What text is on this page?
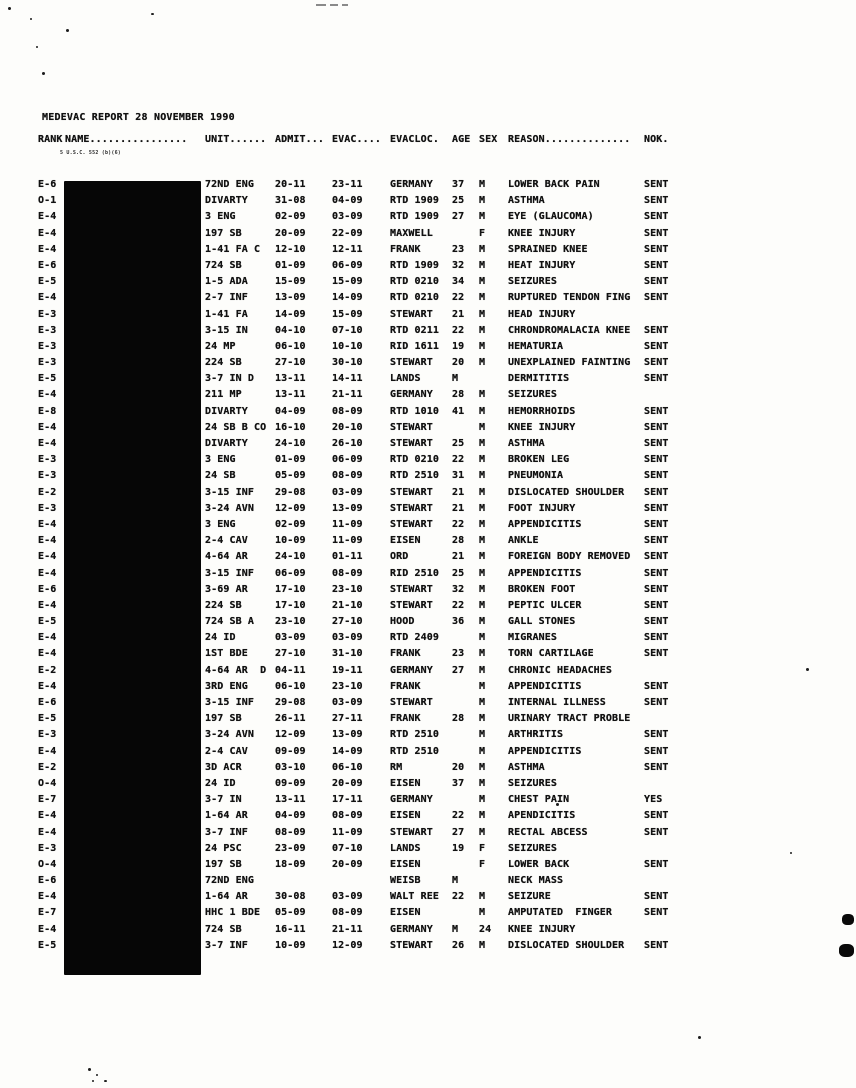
MEDEVAC REPORT 28 NOVEMBER 1990
RANK NAME................ UNIT...... ADMIT... EVAC.... EVACLOC. AGE SEX REASON.............. NOK.
5 U.S.C. 552 (b)(6)
E-6	72ND ENG 20-11	23-11	GERMANY 37 M LOWER BACK PAIN	SENT
O-1	DIVARTY	31-08	04-09	RTD 1909 25 M ASTHMA	SENT
E-4	3 ENG	02-09	03-09	RTD 1909 27 M EYE (GLAUCOMA)	SENT
E-4	197 SB	20-09	22-09	MAXWELL	F KNEE INJURY	SENT
E-4	1-41 FA C 12-10	12-11	FRANK	23 M SPRAINED KNEE	SENT
E-6	724 SB	01-09	06-09	RTD 1909 32 M HEAT INJURY	SENT
E-5	1-5 ADA	15-09	15-09	RTD 0210 34 M SEIZURES	SENT
E-4	2-7 INF	13-09	14-09	RTD 0210 22 M RUPTURED TENDON FING SENT
E-3	1-41 FA	14-09	15-09	STEWART 21 M HEAD INJURY
E-3	3-15 IN	04-10	07-10	RTD 0211 22 M CHRONDROMALACIA KNEE SENT
E-3	24 MP	06-10	10-10	RID 1611 19 M HEMATURIA	SENT
E-3	224 SB	27-10	30-10	STEWART 20 M UNEXPLAINED FAINTING SENT
E-5	3-7 IN D 13-11	14-11	LANDS	M	DERMITITIS	SENT
E-4	211 MP	13-11	21-11	GERMANY 28 M SEIZURES
E-8	DIVARTY	04-09	08-09	RTD 1010 41 M HEMORRHOIDS	SENT
E-4	24 SB B CO 16-10	20-10	STEWART	M KNEE INJURY	SENT
E-4	DIVARTY	24-10	26-10	STEWART 25 M ASTHMA	SENT
E-3	3 ENG	01-09	06-09	RTD 0210 22 M BROKEN LEG	SENT
E-3	24 SB	05-09	08-09	RTD 2510 31 M PNEUMONIA	SENT
E-2	3-15 INF 29-08	03-09	STEWART 21 M DISLOCATED SHOULDER SENT
E-3	3-24 AVN 12-09	13-09	STEWART 21 M FOOT INJURY	SENT
E-4	3 ENG	02-09	11-09	STEWART 22 M APPENDICITIS	SENT
E-4	2-4 CAV	10-09	11-09	EISEN	28 M ANKLE	SENT
E-4	4-64 AR	24-10	01-11	ORD	21 M FOREIGN BODY REMOVED SENT
E-4	3-15 INF 06-09	08-09	RID 2510 25 M APPENDICITIS	SENT
E-6	3-69 AR	17-10	23-10	STEWART 32 M BROKEN FOOT	SENT
E-4	224 SB	17-10	21-10	STEWART 22 M PEPTIC ULCER	SENT
E-5	724 SB A 23-10	27-10	HOOD	36 M GALL STONES	SENT
E-4	24 ID	03-09	03-09	RTD 2409	M MIGRANES	SENT
E-4	1ST BDE	27-10	31-10	FRANK	23 M TORN CARTILAGE	SENT
E-2	4-64 AR  D 04-11	19-11	GERMANY 27 M CHRONIC HEADACHES
E-4	3RD ENG	06-10	23-10	FRANK	M APPENDICITIS	SENT
E-6	3-15 INF 29-08	03-09	STEWART	M INTERNAL ILLNESS	SENT
E-5	197 SB	26-11	27-11	FRANK	28 M URINARY TRACT PROBLE
E-3	3-24 AVN 12-09	13-09	RTD 2510	M ARTHRITIS	SENT
E-4	2-4 CAV	09-09	14-09	RTD 2510	M APPENDICITIS	SENT
E-2	3D ACR	03-10	06-10	RM	20 M ASTHMA	SENT
O-4	24 ID	09-09	20-09	EISEN	37 M SEIZURES
E-7	3-7 IN	13-11	17-11	GERMANY	M CHEST PAIN	YES
E-4	1-64 AR	04-09	08-09	EISEN	22 M APENDICITIS	SENT
E-4	3-7 INF	08-09	11-09	STEWART 27 M RECTAL ABCESS	SENT
E-3	24 PSC	23-09	07-10	LANDS	19 F SEIZURES
O-4	197 SB	18-09	20-09	EISEN	F LOWER BACK	SENT
E-6	72ND ENG	WEISB	M	NECK MASS
E-4	1-64 AR	30-08	03-09	WALT REE 22 M SEIZURE	SENT
E-7	HHC 1 BDE 05-09	08-09	EISEN	M AMPUTATED  FINGER	SENT
E-4	724 SB	16-11	21-11	GERMANY M 24 KNEE INJURY
E-5	3-7 INF	10-09	12-09	STEWART 26 M DISLOCATED SHOULDER SENT
